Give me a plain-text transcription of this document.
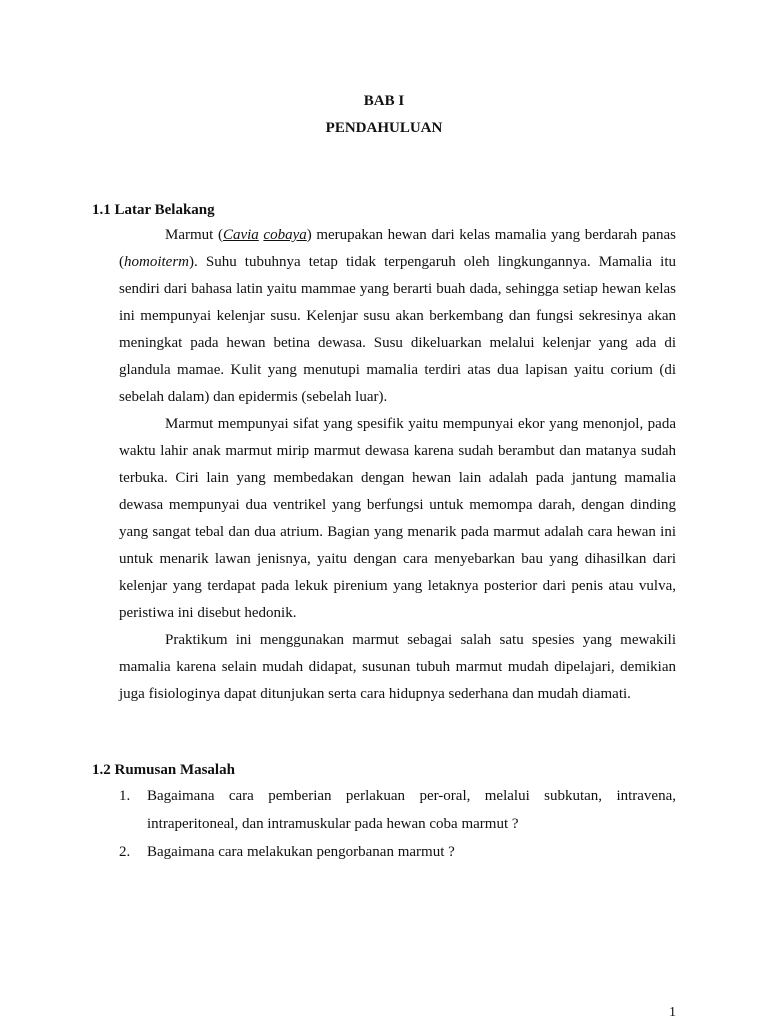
BAB I
PENDAHULUAN
1.1 Latar Belakang

Marmut (Cavia cobaya) merupakan hewan dari kelas mamalia yang berdarah panas (homoiterm). Suhu tubuhnya tetap tidak terpengaruh oleh lingkungannya. Mamalia itu sendiri dari bahasa latin yaitu mammae yang berarti buah dada, sehingga setiap hewan kelas ini mempunyai kelenjar susu. Kelenjar susu akan berkembang dan fungsi sekresinya akan meningkat pada hewan betina dewasa. Susu dikeluarkan melalui kelenjar yang ada di glandula mamae. Kulit yang menutupi mamalia terdiri atas dua lapisan yaitu corium (di sebelah dalam) dan epidermis (sebelah luar).

Marmut mempunyai sifat yang spesifik yaitu mempunyai ekor yang menonjol, pada waktu lahir anak marmut mirip marmut dewasa karena sudah berambut dan matanya sudah terbuka. Ciri lain yang membedakan dengan hewan lain adalah pada jantung mamalia dewasa mempunyai dua ventrikel yang berfungsi untuk memompa darah, dengan dinding yang sangat tebal dan dua atrium. Bagian yang menarik pada marmut adalah cara hewan ini untuk menarik lawan jenisnya, yaitu dengan cara menyebarkan bau yang dihasilkan dari kelenjar yang terdapat pada lekuk pirenium yang letaknya posterior dari penis atau vulva, peristiwa ini disebut hedonik.

Praktikum ini menggunakan marmut sebagai salah satu spesies yang mewakili mamalia karena selain mudah didapat, susunan tubuh marmut mudah dipelajari, demikian juga fisiologinya dapat ditunjukan serta cara hidupnya sederhana dan mudah diamati.

1.2 Rumusan Masalah
1. Bagaimana cara pemberian perlakuan per-oral, melalui subkutan, intravena, intraperitoneal, dan intramuskular pada hewan coba marmut ?
2. Bagaimana cara melakukan pengorbanan marmut ?
1
